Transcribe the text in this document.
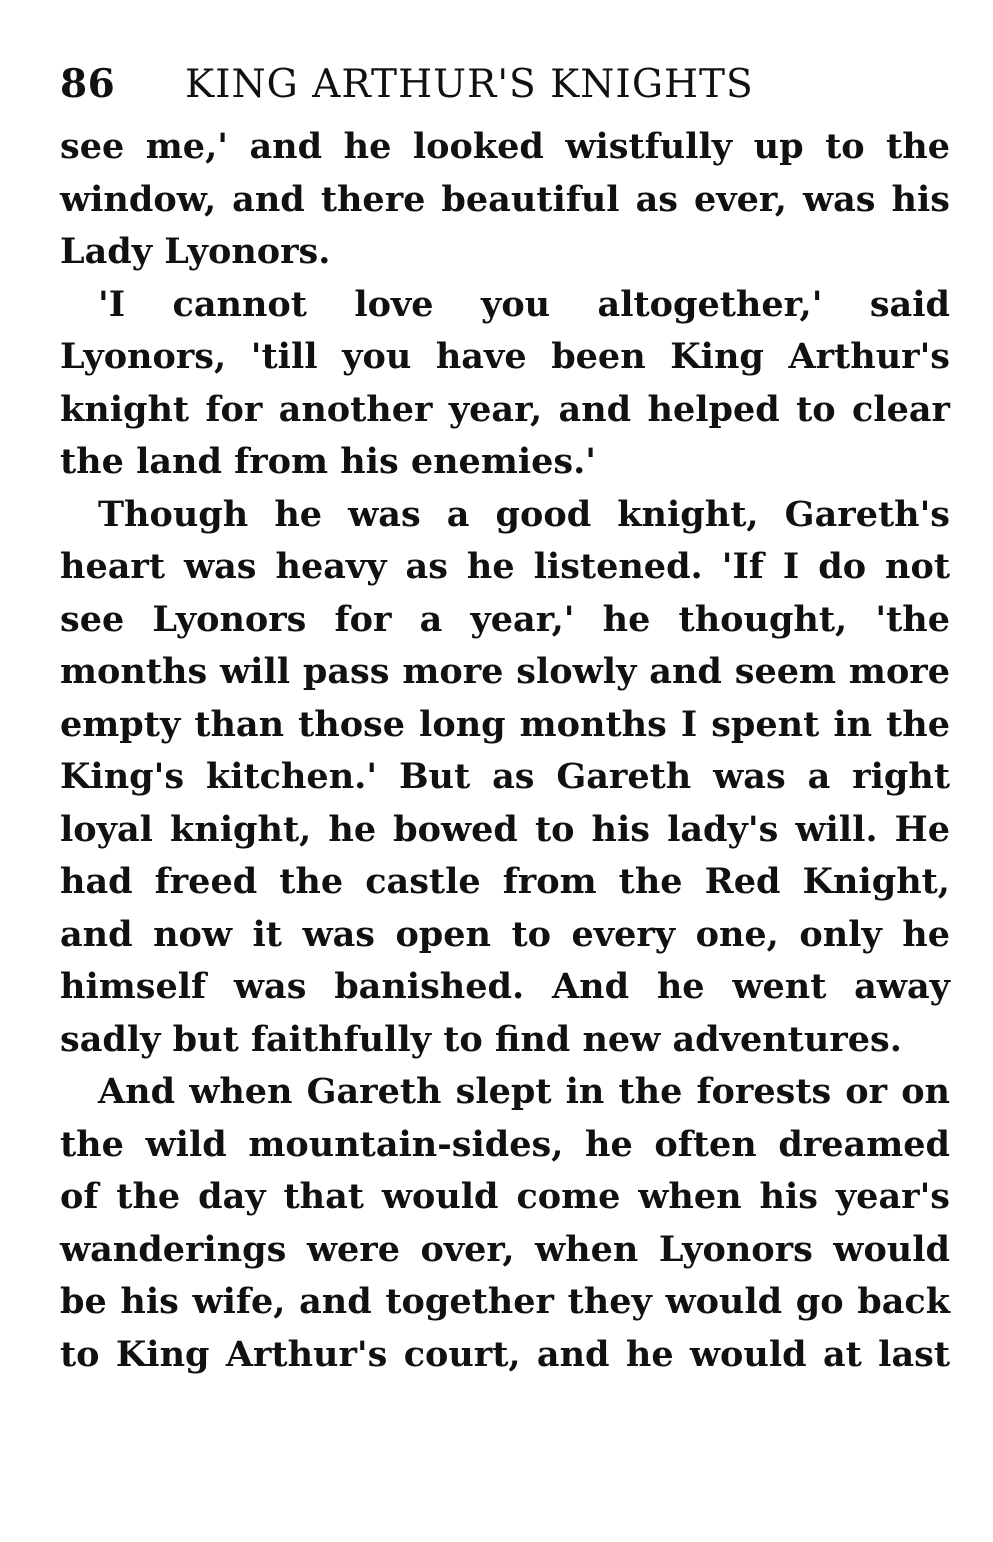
86	KING ARTHUR'S KNIGHTS

see me,' and he looked wistfully up to the window, and there beautiful as ever, was his Lady Lyonors.

'I cannot love you altogether,' said Lyonors, 'till you have been King Arthur's knight for another year, and helped to clear the land from his enemies.'

Though he was a good knight, Gareth's heart was heavy as he listened. 'If I do not see Lyonors for a year,' he thought, 'the months will pass more slowly and seem more empty than those long months I spent in the King's kitchen.' But as Gareth was a right loyal knight, he bowed to his lady's will. He had freed the castle from the Red Knight, and now it was open to every one, only he himself was banished. And he went away sadly but faithfully to find new adventures.

And when Gareth slept in the forests or on the wild mountain-sides, he often dreamed of the day that would come when his year's wanderings were over, when Lyonors would be his wife, and together they would go back to King Arthur's court, and he would at last
